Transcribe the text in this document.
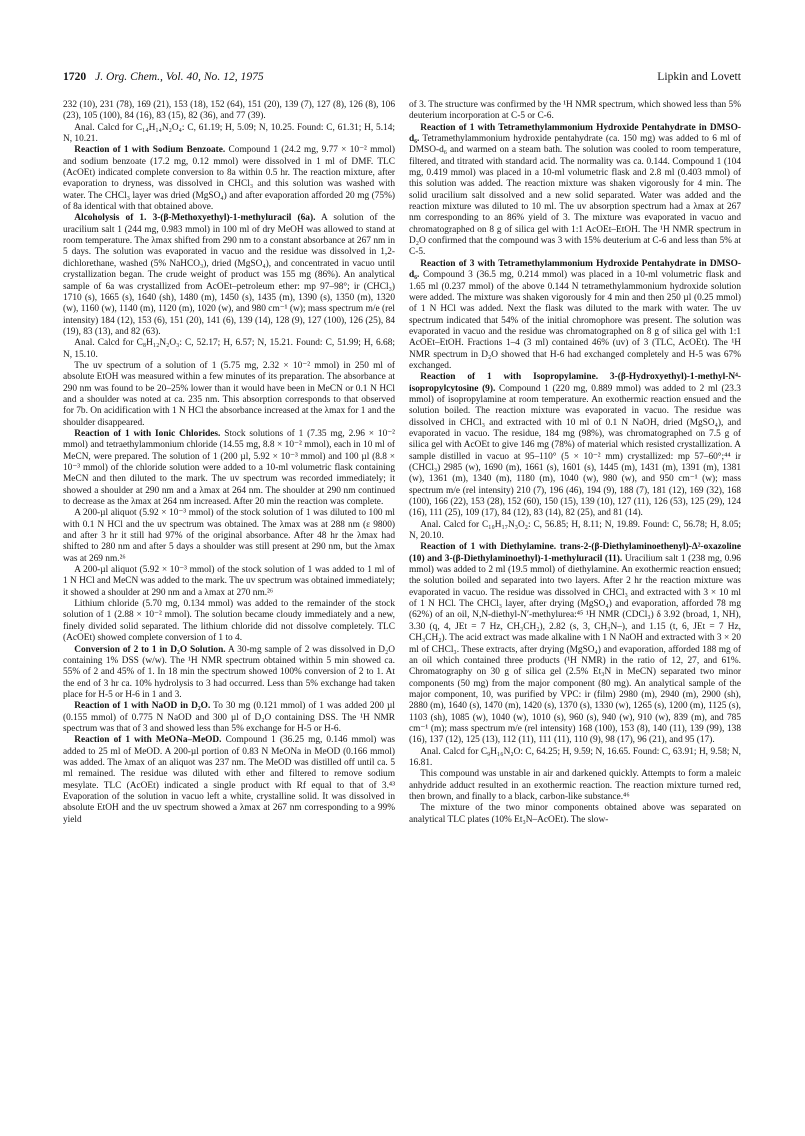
1720 J. Org. Chem., Vol. 40, No. 12, 1975	Lipkin and Lovett

232 (10), 231 (78), 169 (21), 153 (18), 152 (64), 151 (20), 139 (7), 127 (8), 126 (8), 106 (23), 105 (100), 84 (16), 83 (15), 82 (36), and 77 (39).

Anal. Calcd for C₁₄H₁₄N₂O₄: C, 61.19; H, 5.09; N, 10.25. Found: C, 61.31; H, 5.14; N, 10.21.

Reaction of 1 with Sodium Benzoate. Compound 1 (24.2 mg, 9.77 × 10⁻² mmol) and sodium benzoate (17.2 mg, 0.12 mmol) were dissolved in 1 ml of DMF. TLC (AcOEt) indicated complete conversion to 8a within 0.5 hr. The reaction mixture, after evaporation to dryness, was dissolved in CHCl₃ and this solution was washed with water. The CHCl₃ layer was dried (MgSO₄) and after evaporation afforded 20 mg (75%) of 8a identical with that obtained above.

Alcoholysis of 1. 3-(β-Methoxyethyl)-1-methyluracil (6a). A solution of the uracilium salt 1 (244 mg, 0.983 mmol) in 100 ml of dry MeOH was allowed to stand at room temperature. The λmax shifted from 290 nm to a constant absorbance at 267 nm in 5 days. The solution was evaporated in vacuo and the residue was dissolved in 1,2-dichlorethane, washed (5% NaHCO₃), dried (MgSO₄), and concentrated in vacuo until crystallization began. The crude weight of product was 155 mg (86%). An analytical sample of 6a was crystallized from AcOEt–petroleum ether: mp 97–98°; ir (CHCl₃) 1710 (s), 1665 (s), 1640 (sh), 1480 (m), 1450 (s), 1435 (m), 1390 (s), 1350 (m), 1320 (w), 1160 (w), 1140 (m), 1120 (m), 1020 (w), and 980 cm⁻¹ (w); mass spectrum m/e (rel intensity) 184 (12), 153 (6), 151 (20), 141 (6), 139 (14), 128 (9), 127 (100), 126 (25), 84 (19), 83 (13), and 82 (63).

Anal. Calcd for C₈H₁₂N₂O₃: C, 52.17; H, 6.57; N, 15.21. Found: C, 51.99; H, 6.68; N, 15.10.

The uv spectrum of a solution of 1 (5.75 mg, 2.32 × 10⁻² mmol) in 250 ml of absolute EtOH was measured within a few minutes of its preparation. The absorbance at 290 nm was found to be 20–25% lower than it would have been in MeCN or 0.1 N HCl and a shoulder was noted at ca. 235 nm. This absorption corresponds to that observed for 7b. On acidification with 1 N HCl the absorbance increased at the λmax for 1 and the shoulder disappeared.

Reaction of 1 with Ionic Chlorides. Stock solutions of 1 (7.35 mg, 2.96 × 10⁻² mmol) and tetraethylammonium chloride (14.55 mg, 8.8 × 10⁻² mmol), each in 10 ml of MeCN, were prepared. The solution of 1 (200 µl, 5.92 × 10⁻³ mmol) and 100 µl (8.8 × 10⁻³ mmol) of the chloride solution were added to a 10-ml volumetric flask containing MeCN and then diluted to the mark. The uv spectrum was recorded immediately; it showed a shoulder at 290 nm and a λmax at 264 nm. The shoulder at 290 nm continued to decrease as the λmax at 264 nm increased. After 20 min the reaction was complete.

A 200-µl aliquot (5.92 × 10⁻³ mmol) of the stock solution of 1 was diluted to 100 ml with 0.1 N HCl and the uv spectrum was obtained. The λmax was at 288 nm (ε 9800) and after 3 hr it still had 97% of the original absorbance. After 48 hr the λmax had shifted to 280 nm and after 5 days a shoulder was still present at 290 nm, but the λmax was at 269 nm.²⁶

A 200-µl aliquot (5.92 × 10⁻³ mmol) of the stock solution of 1 was added to 1 ml of 1 N HCl and MeCN was added to the mark. The uv spectrum was obtained immediately; it showed a shoulder at 290 nm and a λmax at 270 nm.²⁶

Lithium chloride (5.70 mg, 0.134 mmol) was added to the remainder of the stock solution of 1 (2.88 × 10⁻² mmol). The solution became cloudy immediately and a new, finely divided solid separated. The lithium chloride did not dissolve completely. TLC (AcOEt) showed complete conversion of 1 to 4.

Conversion of 2 to 1 in D₂O Solution. A 30-mg sample of 2 was dissolved in D₂O containing 1% DSS (w/w). The ¹H NMR spectrum obtained within 5 min showed ca. 55% of 2 and 45% of 1. In 18 min the spectrum showed 100% conversion of 2 to 1. At the end of 3 hr ca. 10% hydrolysis to 3 had occurred. Less than 5% exchange had taken place for H-5 or H-6 in 1 and 3.

Reaction of 1 with NaOD in D₂O. To 30 mg (0.121 mmol) of 1 was added 200 µl (0.155 mmol) of 0.775 N NaOD and 300 µl of D₂O containing DSS. The ¹H NMR spectrum was that of 3 and showed less than 5% exchange for H-5 or H-6.

Reaction of 1 with MeONa–MeOD. Compound 1 (36.25 mg, 0.146 mmol) was added to 25 ml of MeOD. A 200-µl portion of 0.83 N MeONa in MeOD (0.166 mmol) was added. The λmax of an aliquot was 237 nm. The MeOD was distilled off until ca. 5 ml remained. The residue was diluted with ether and filtered to remove sodium mesylate. TLC (AcOEt) indicated a single product with Rf equal to that of 3.⁴³ Evaporation of the solution in vacuo left a white, crystalline solid. It was dissolved in absolute EtOH and the uv spectrum showed a λmax at 267 nm corresponding to a 99% yield

of 3. The structure was confirmed by the ¹H NMR spectrum, which showed less than 5% deuterium incorporation at C-5 or C-6.

Reaction of 1 with Tetramethylammonium Hydroxide Pentahydrate in DMSO-d₆. Tetramethylammonium hydroxide pentahydrate (ca. 150 mg) was added to 6 ml of DMSO-d₆ and warmed on a steam bath. The solution was cooled to room temperature, filtered, and titrated with standard acid. The normality was ca. 0.144. Compound 1 (104 mg, 0.419 mmol) was placed in a 10-ml volumetric flask and 2.8 ml (0.403 mmol) of this solution was added. The reaction mixture was shaken vigorously for 4 min. The solid uracilium salt dissolved and a new solid separated. Water was added and the reaction mixture was diluted to 10 ml. The uv absorption spectrum had a λmax at 267 nm corresponding to an 86% yield of 3. The mixture was evaporated in vacuo and chromatographed on 8 g of silica gel with 1:1 AcOEt–EtOH. The ¹H NMR spectrum in D₂O confirmed that the compound was 3 with 15% deuterium at C-6 and less than 5% at C-5.

Reaction of 3 with Tetramethylammonium Hydroxide Pentahydrate in DMSO-d₆. Compound 3 (36.5 mg, 0.214 mmol) was placed in a 10-ml volumetric flask and 1.65 ml (0.237 mmol) of the above 0.144 N tetramethylammonium hydroxide solution were added. The mixture was shaken vigorously for 4 min and then 250 µl (0.25 mmol) of 1 N HCl was added. Next the flask was diluted to the mark with water. The uv spectrum indicated that 54% of the initial chromophore was present. The solution was evaporated in vacuo and the residue was chromatographed on 8 g of silica gel with 1:1 AcOEt–EtOH. Fractions 1–4 (3 ml) contained 46% (uv) of 3 (TLC, AcOEt). The ¹H NMR spectrum in D₂O showed that H-6 had exchanged completely and H-5 was 67% exchanged.

Reaction of 1 with Isopropylamine. 3-(β-Hydroxyethyl)-1-methyl-N⁴-isopropylcytosine (9). Compound 1 (220 mg, 0.889 mmol) was added to 2 ml (23.3 mmol) of isopropylamine at room temperature. An exothermic reaction ensued and the solution boiled. The reaction mixture was evaporated in vacuo. The residue was dissolved in CHCl₃ and extracted with 10 ml of 0.1 N NaOH, dried (MgSO₄), and evaporated in vacuo. The residue, 184 mg (98%), was chromatographed on 7.5 g of silica gel with AcOEt to give 146 mg (78%) of material which resisted crystallization. A sample distilled in vacuo at 95–110° (5 × 10⁻² mm) crystallized: mp 57–60°;⁴⁴ ir (CHCl₃) 2985 (w), 1690 (m), 1661 (s), 1601 (s), 1445 (m), 1431 (m), 1391 (m), 1381 (w), 1361 (m), 1340 (m), 1180 (m), 1040 (w), 980 (w), and 950 cm⁻¹ (w); mass spectrum m/e (rel intensity) 210 (7), 196 (46), 194 (9), 188 (7), 181 (12), 169 (32), 168 (100), 166 (22), 153 (28), 152 (60), 150 (15), 139 (10), 127 (11), 126 (53), 125 (29), 124 (16), 111 (25), 109 (17), 84 (12), 83 (14), 82 (25), and 81 (14).

Anal. Calcd for C₁₀H₁₇N₃O₂: C, 56.85; H, 8.11; N, 19.89. Found: C, 56.78; H, 8.05; N, 20.10.

Reaction of 1 with Diethylamine. trans-2-(β-Diethylaminoethenyl)-Δ²-oxazoline (10) and 3-(β-Diethylaminoethyl)-1-methyluracil (11). Uracilium salt 1 (238 mg, 0.96 mmol) was added to 2 ml (19.5 mmol) of diethylamine. An exothermic reaction ensued; the solution boiled and separated into two layers. After 2 hr the reaction mixture was evaporated in vacuo. The residue was dissolved in CHCl₃ and extracted with 3 × 10 ml of 1 N HCl. The CHCl₃ layer, after drying (MgSO₄) and evaporation, afforded 78 mg (62%) of an oil, N,N-diethyl-N′-methylurea:⁴⁵ ¹H NMR (CDCl₃) δ 3.92 (broad, 1, NH), 3.30 (q, 4, JEt = 7 Hz, CH₃CH₂), 2.82 (s, 3, CH₃N–), and 1.15 (t, 6, JEt = 7 Hz, CH₃CH₂). The acid extract was made alkaline with 1 N NaOH and extracted with 3 × 20 ml of CHCl₃. These extracts, after drying (MgSO₄) and evaporation, afforded 188 mg of an oil which contained three products (¹H NMR) in the ratio of 12, 27, and 61%. Chromatography on 30 g of silica gel (2.5% Et₃N in MeCN) separated two minor components (50 mg) from the major component (80 mg). An analytical sample of the major component, 10, was purified by VPC: ir (film) 2980 (m), 2940 (m), 2900 (sh), 2880 (m), 1640 (s), 1470 (m), 1420 (s), 1370 (s), 1330 (w), 1265 (s), 1200 (m), 1125 (s), 1103 (sh), 1085 (w), 1040 (w), 1010 (s), 960 (s), 940 (w), 910 (w), 839 (m), and 785 cm⁻¹ (m); mass spectrum m/e (rel intensity) 168 (100), 153 (8), 140 (11), 139 (99), 138 (16), 137 (12), 125 (13), 112 (11), 111 (11), 110 (9), 98 (17), 96 (21), and 95 (17).

Anal. Calcd for C₉H₁₆N₂O: C, 64.25; H, 9.59; N, 16.65. Found: C, 63.91; H, 9.58; N, 16.81.

This compound was unstable in air and darkened quickly. Attempts to form a maleic anhydride adduct resulted in an exothermic reaction. The reaction mixture turned red, then brown, and finally to a black, carbon-like substance.⁴⁶

The mixture of the two minor components obtained above was separated on analytical TLC plates (10% Et₃N–AcOEt). The slow-
